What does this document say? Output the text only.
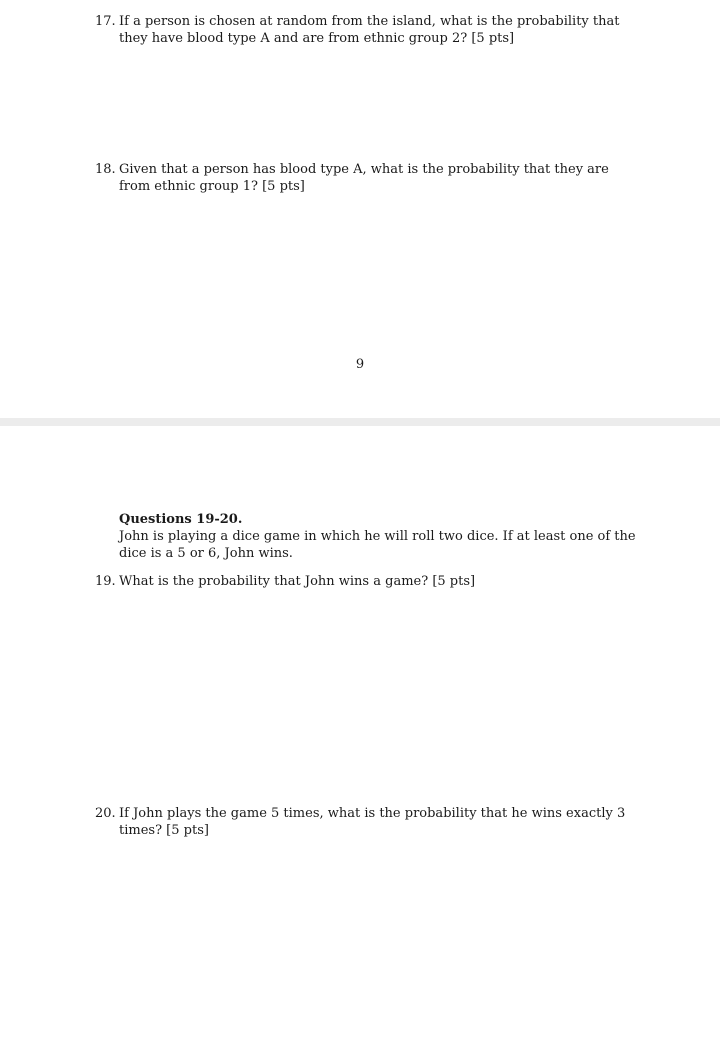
17. If a person is chosen at random from the island, what is the probability that they have blood type A and are from ethnic group 2? [5 pts]
18. Given that a person has blood type A, what is the probability that they are from ethnic group 1? [5 pts]
9
Questions 19-20.
John is playing a dice game in which he will roll two dice. If at least one of the dice is a 5 or 6, John wins.
19. What is the probability that John wins a game? [5 pts]
20. If John plays the game 5 times, what is the probability that he wins exactly 3 times? [5 pts]
